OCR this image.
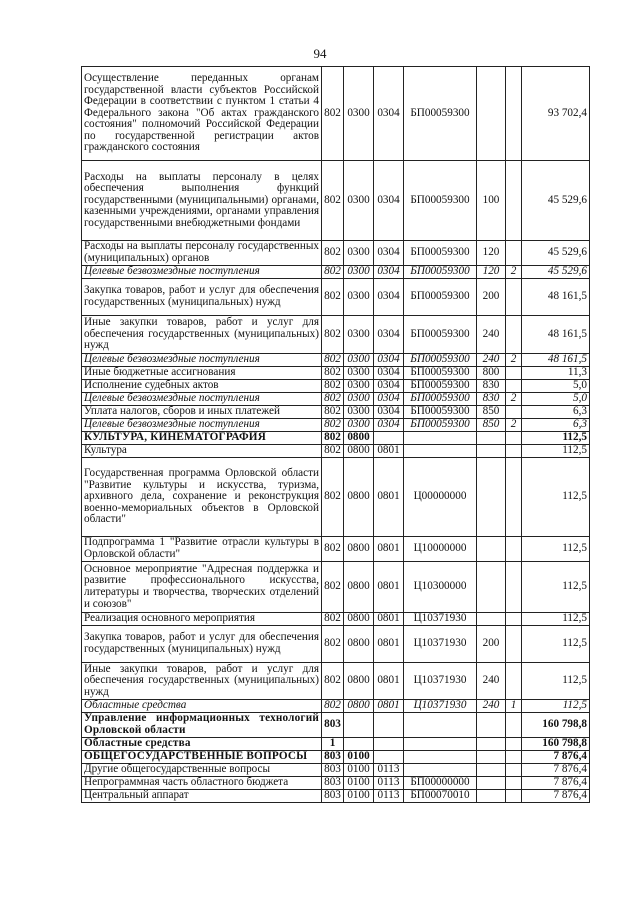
94
Осуществление переданных органам государственной власти субъектов Российской Федерации в соответствии с пунктом 1 статьи 4 Федерального закона "Об актах гражданского состояния" полномочий Российской Федерации по государственной регистрации актов гражданского состояния	802	0300	0304	БП00059300			93 702,4
Расходы на выплаты персоналу в целях обеспечения выполнения функций государственными (муниципальными) органами, казенными учреждениями, органами управления государственными внебюджетными фондами	802	0300	0304	БП00059300	100		45 529,6
Расходы на выплаты персоналу государственных (муниципальных) органов	802	0300	0304	БП00059300	120		45 529,6
Целевые безвозмездные поступления	802	0300	0304	БП00059300	120	2	45 529,6
Закупка товаров, работ и услуг для обеспечения государственных (муниципальных) нужд	802	0300	0304	БП00059300	200		48 161,5
Иные закупки товаров, работ и услуг для обеспечения государственных (муниципальных) нужд	802	0300	0304	БП00059300	240		48 161,5
Целевые безвозмездные поступления	802	0300	0304	БП00059300	240	2	48 161,5
Иные бюджетные ассигнования	802	0300	0304	БП00059300	800		11,3
Исполнение судебных актов	802	0300	0304	БП00059300	830		5,0
Целевые безвозмездные поступления	802	0300	0304	БП00059300	830	2	5,0
Уплата налогов, сборов и иных платежей	802	0300	0304	БП00059300	850		6,3
Целевые безвозмездные поступления	802	0300	0304	БП00059300	850	2	6,3
КУЛЬТУРА, КИНЕМАТОГРАФИЯ	802	0800					112,5
Культура	802	0800	0801				112,5
Государственная программа Орловской области "Развитие культуры и искусства, туризма, архивного дела, сохранение и реконструкция военно-мемориальных объектов в Орловской области"	802	0800	0801	Ц00000000			112,5
Подпрограмма 1 "Развитие отрасли культуры в Орловской области"	802	0800	0801	Ц10000000			112,5
Основное мероприятие "Адресная поддержка и развитие профессионального искусства, литературы и творчества, творческих отделений и союзов"	802	0800	0801	Ц10300000			112,5
Реализация основного мероприятия	802	0800	0801	Ц10371930			112,5
Закупка товаров, работ и услуг для обеспечения государственных (муниципальных) нужд	802	0800	0801	Ц10371930	200		112,5
Иные закупки товаров, работ и услуг для обеспечения государственных (муниципальных) нужд	802	0800	0801	Ц10371930	240		112,5
Областные средства	802	0800	0801	Ц10371930	240	1	112,5
Управление информационных технологий Орловской области	803						160 798,8
Областные средства	1						160 798,8
ОБЩЕГОСУДАРСТВЕННЫЕ ВОПРОСЫ	803	0100					7 876,4
Другие общегосударственные вопросы	803	0100	0113				7 876,4
Непрограммная часть областного бюджета	803	0100	0113	БП00000000			7 876,4
Центральный аппарат	803	0100	0113	БП00070010			7 876,4
